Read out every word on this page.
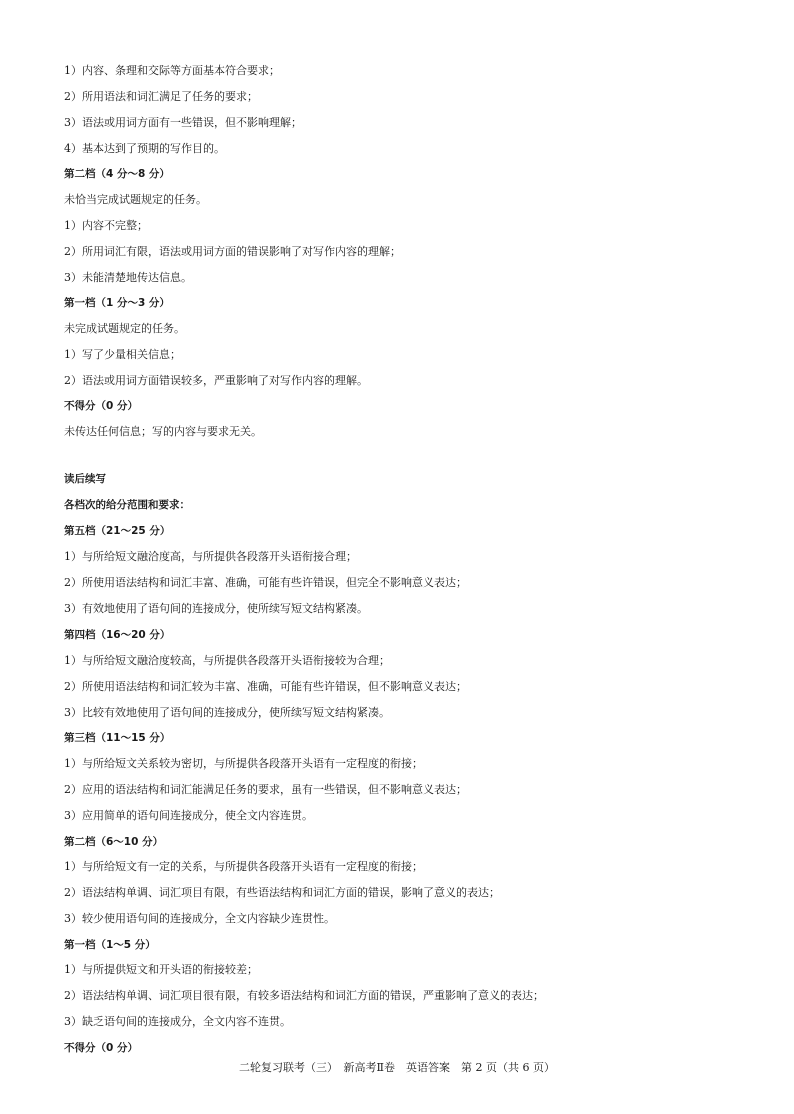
1）内容、条理和交际等方面基本符合要求；

2）所用语法和词汇满足了任务的要求；

3）语法或用词方面有一些错误，但不影响理解；

4）基本达到了预期的写作目的。

第二档（4 分～8 分）

未恰当完成试题规定的任务。

1）内容不完整；

2）所用词汇有限，语法或用词方面的错误影响了对写作内容的理解；

3）未能清楚地传达信息。

第一档（1 分～3 分）

未完成试题规定的任务。

1）写了少量相关信息；

2）语法或用词方面错误较多，严重影响了对写作内容的理解。

不得分（0 分）

未传达任何信息；写的内容与要求无关。

读后续写

各档次的给分范围和要求：

第五档（21～25 分）

1）与所给短文融洽度高，与所提供各段落开头语衔接合理；

2）所使用语法结构和词汇丰富、准确，可能有些许错误，但完全不影响意义表达；

3）有效地使用了语句间的连接成分，使所续写短文结构紧凑。

第四档（16～20 分）

1）与所给短文融洽度较高，与所提供各段落开头语衔接较为合理；

2）所使用语法结构和词汇较为丰富、准确，可能有些许错误，但不影响意义表达；

3）比较有效地使用了语句间的连接成分，使所续写短文结构紧凑。

第三档（11～15 分）

1）与所给短文关系较为密切，与所提供各段落开头语有一定程度的衔接；

2）应用的语法结构和词汇能满足任务的要求，虽有一些错误，但不影响意义表达；

3）应用简单的语句间连接成分，使全文内容连贯。

第二档（6～10 分）

1）与所给短文有一定的关系，与所提供各段落开头语有一定程度的衔接；

2）语法结构单调、词汇项目有限，有些语法结构和词汇方面的错误，影响了意义的表达；

3）较少使用语句间的连接成分，全文内容缺少连贯性。

第一档（1～5 分）

1）与所提供短文和开头语的衔接较差；

2）语法结构单调、词汇项目很有限，有较多语法结构和词汇方面的错误，严重影响了意义的表达；

3）缺乏语句间的连接成分，全文内容不连贯。

不得分（0 分）

二轮复习联考（三）　新高考Ⅱ卷　英语答案　第 2 页（共 6 页）
